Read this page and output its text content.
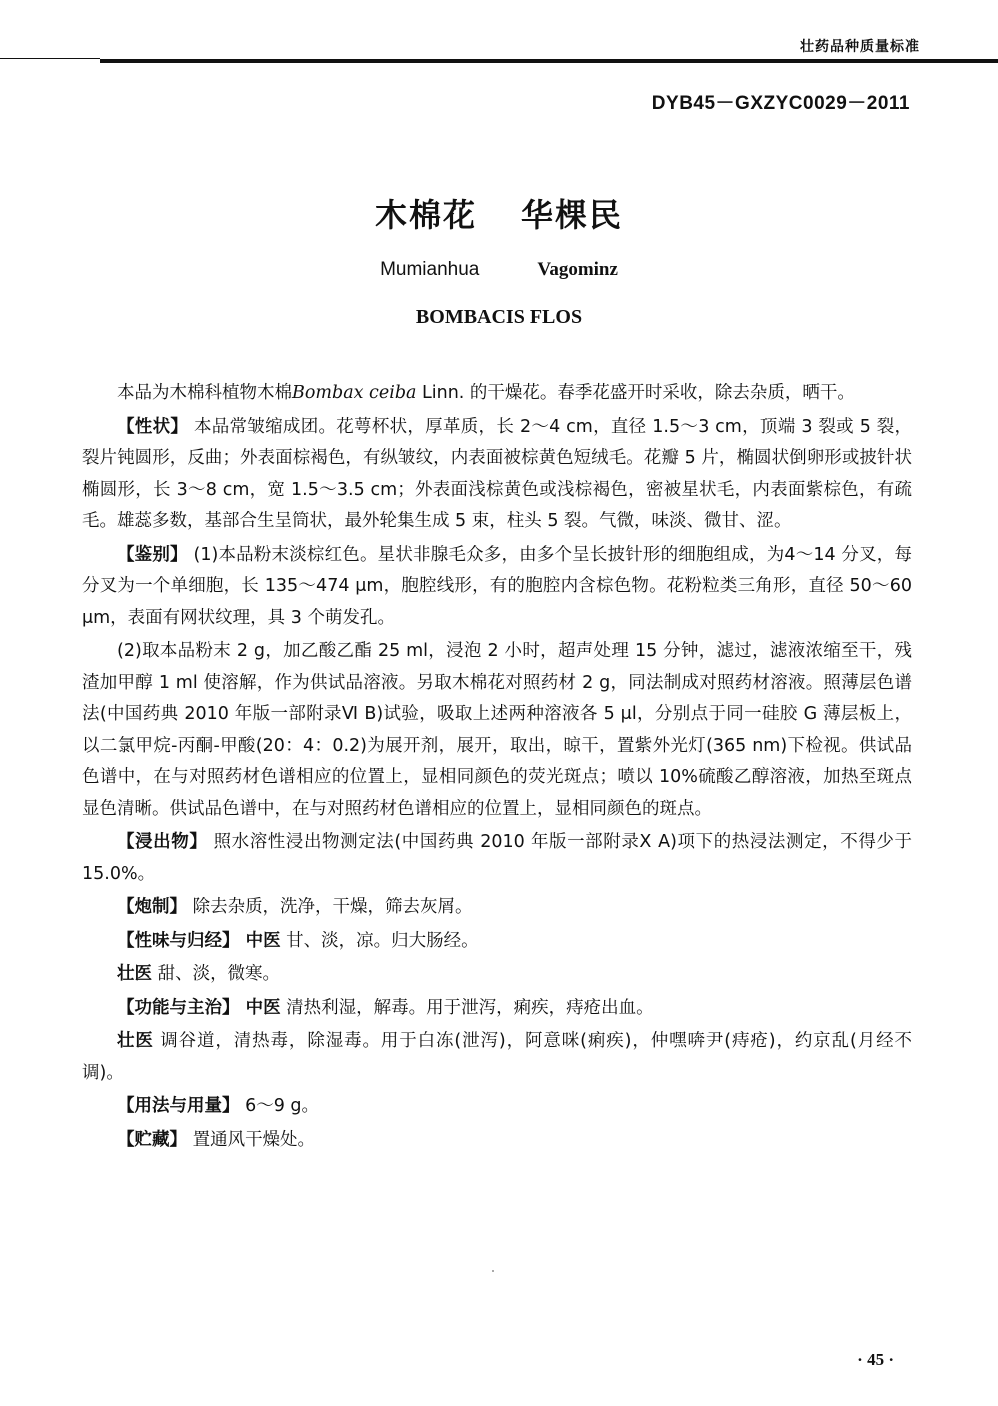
壮药品种质量标准
DYB45－GXZYC0029－2011
木棉花 华棵民
Mumianhua	Vagominz
BOMBACIS FLOS

本品为木棉科植物木棉Bombax ceiba Linn. 的干燥花。春季花盛开时采收，除去杂质，晒干。

【性状】 本品常皱缩成团。花萼杯状，厚革质，长 2～4 cm，直径 1.5～3 cm，顶端 3 裂或 5 裂，裂片钝圆形，反曲；外表面棕褐色，有纵皱纹，内表面被棕黄色短绒毛。花瓣 5 片，椭圆状倒卵形或披针状椭圆形，长 3～8 cm，宽 1.5～3.5 cm；外表面浅棕黄色或浅棕褐色，密被星状毛，内表面紫棕色，有疏毛。雄蕊多数，基部合生呈筒状，最外轮集生成 5 束，柱头 5 裂。气微，味淡、微甘、涩。

【鉴别】 (1)本品粉末淡棕红色。星状非腺毛众多，由多个呈长披针形的细胞组成，为4～14 分叉，每分叉为一个单细胞，长 135～474 μm，胞腔线形，有的胞腔内含棕色物。花粉粒类三角形，直径 50～60 μm，表面有网状纹理，具 3 个萌发孔。

(2)取本品粉末 2 g，加乙酸乙酯 25 ml，浸泡 2 小时，超声处理 15 分钟，滤过，滤液浓缩至干，残渣加甲醇 1 ml 使溶解，作为供试品溶液。另取木棉花对照药材 2 g，同法制成对照药材溶液。照薄层色谱法(中国药典 2010 年版一部附录Ⅵ B)试验，吸取上述两种溶液各 5 μl，分别点于同一硅胶 G 薄层板上，以二氯甲烷-丙酮-甲酸(20：4：0.2)为展开剂，展开，取出，晾干，置紫外光灯(365 nm)下检视。供试品色谱中，在与对照药材色谱相应的位置上，显相同颜色的荧光斑点；喷以 10%硫酸乙醇溶液，加热至斑点显色清晰。供试品色谱中，在与对照药材色谱相应的位置上，显相同颜色的斑点。

【浸出物】 照水溶性浸出物测定法(中国药典 2010 年版一部附录Ⅹ A)项下的热浸法测定，不得少于 15.0%。

【炮制】 除去杂质，洗净，干燥，筛去灰屑。

【性味与归经】 中医 甘、淡，凉。归大肠经。

壮医 甜、淡，微寒。

【功能与主治】 中医 清热利湿，解毒。用于泄泻，痢疾，痔疮出血。

壮医 调谷道，清热毒，除湿毒。用于白冻(泄泻)，阿意咪(痢疾)，仲嘿喯尹(痔疮)，约京乱(月经不调)。

【用法与用量】 6～9 g。

【贮藏】 置通风干燥处。

· 45 ·
